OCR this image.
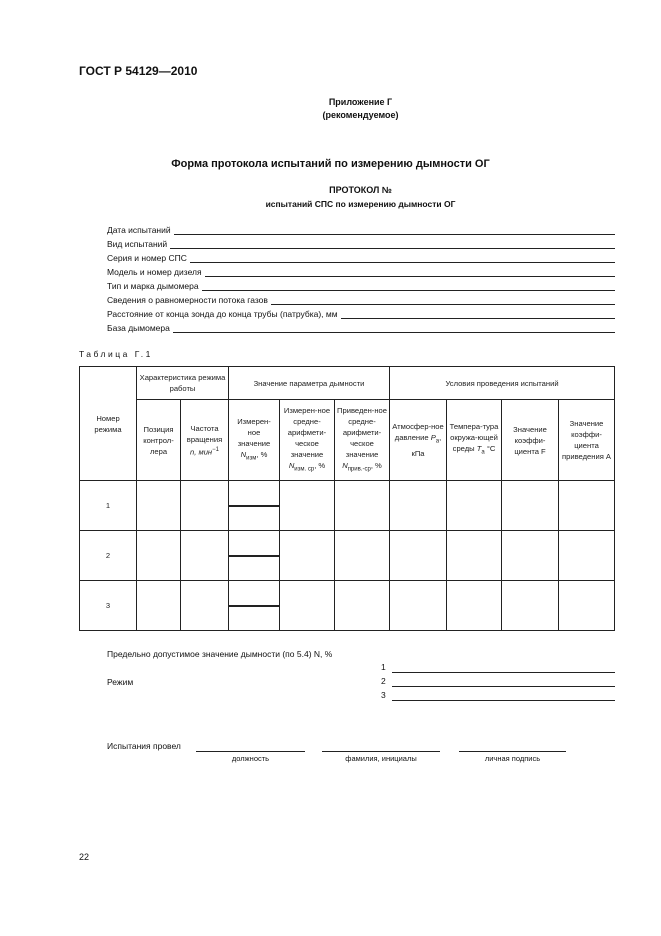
ГОСТ Р 54129—2010
Приложение Г
(рекомендуемое)
Форма протокола испытаний по измерению дымности ОГ
ПРОТОКОЛ №
испытаний СПС по измерению дымности ОГ
Дата испытаний
Вид испытаний
Серия и номер СПС
Модель и номер дизеля
Тип и марка дымомера
Сведения о равномерности потока газов
Расстояние от конца зонда до конца трубы (патрубка), мм
База дымомера
Таблица Г.1
Номер режима	Характеристика режима работы		Значение параметра дымности			Условия проведения испытаний			
	Позиция контрол-лера	Частота вращения n, мин$^{-1}$	Измерен-ное значение $N_{изм}$, %	Измерен-ное средне-арифмети-ческое значение $N_{изм. ср}$, %	Приведен-ное средне-арифмети-ческое значение $N_{прив.-ср}$, %	Атмосфер-ное давление $P_а$, кПа	Темпера-тура окружа-ющей среды $T_а$ °С	Значение коэффи-циента F	Значение коэффи-циента приведения A
1			

2			

3			

Предельно допустимое значение дымности (по 5.4) N, %
Режим
1
2
3
Испытания провел
должность	фамилия, инициалы	личная подпись
22
